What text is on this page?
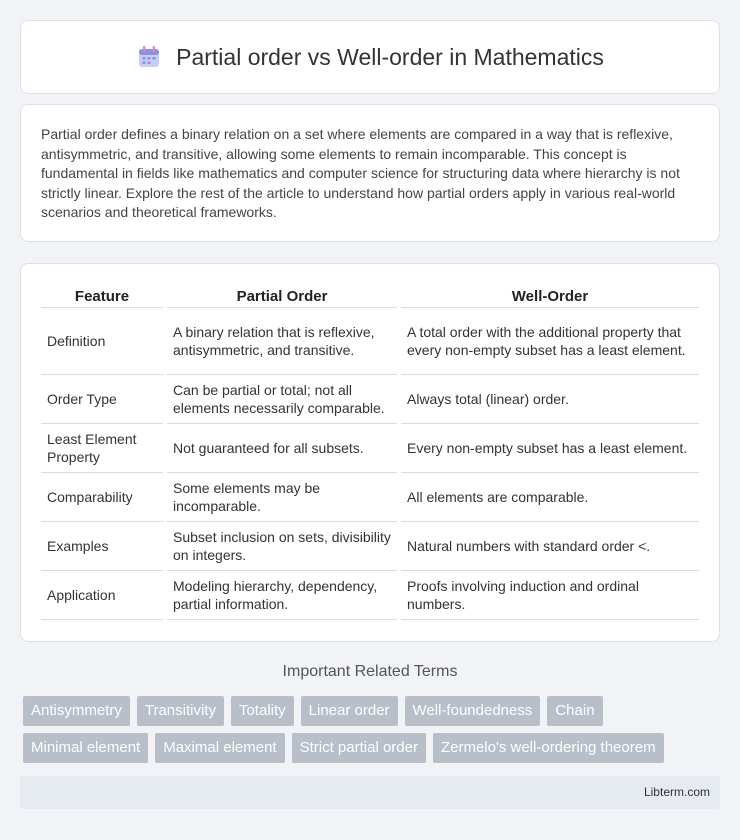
Partial order vs Well-order in Mathematics

Partial order defines a binary relation on a set where elements are compared in a way that is reflexive, antisymmetric, and transitive, allowing some elements to remain incomparable. This concept is fundamental in fields like mathematics and computer science for structuring data where hierarchy is not strictly linear. Explore the rest of the article to understand how partial orders apply in various real-world scenarios and theoretical frameworks.

Feature	Partial Order	Well-Order
Definition	A binary relation that is reflexive, antisymmetric, and transitive.	A total order with the additional property that every non-empty subset has a least element.
Order Type	Can be partial or total; not all elements necessarily comparable.	Always total (linear) order.
Least Element Property	Not guaranteed for all subsets.	Every non-empty subset has a least element.
Comparability	Some elements may be incomparable.	All elements are comparable.
Examples	Subset inclusion on sets, divisibility on integers.	Natural numbers with standard order <.
Application	Modeling hierarchy, dependency, partial information.	Proofs involving induction and ordinal numbers.
Important Related Terms
Antisymmetry	Transitivity	Totality	Linear order	Well-foundedness	Chain
Minimal element	Maximal element	Strict partial order	Zermelo's well-ordering theorem
Libterm.com
